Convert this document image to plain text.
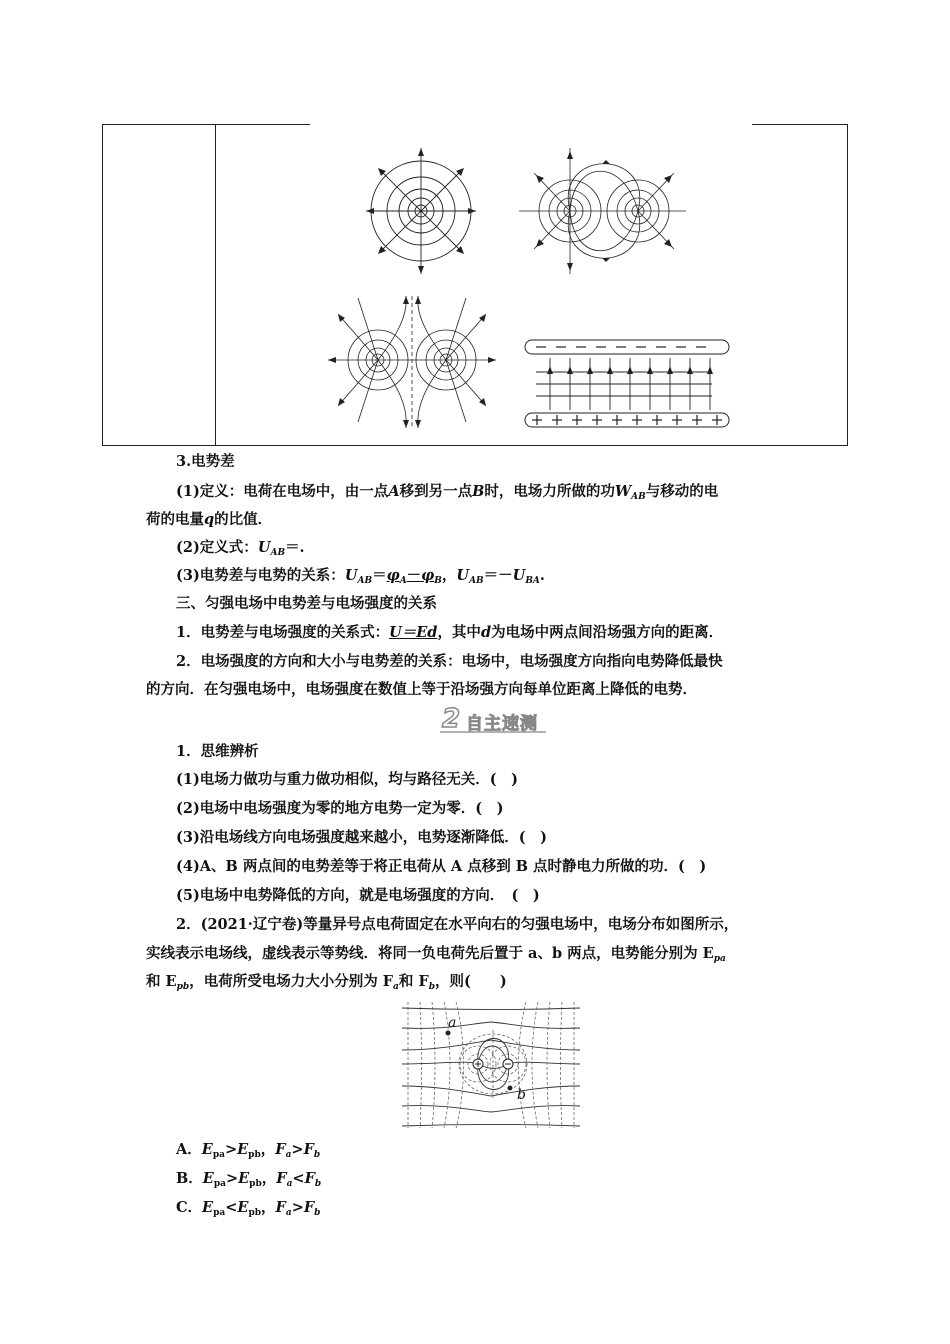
3.电势差
(1)定义：电荷在电场中，由一点A移到另一点B时，电场力所做的功$W_{AB}$与移动的电
荷的电量q的比值．
(2)定义式：$U_{AB}=$.
(3)电势差与电势的关系：$U_{AB}=\varphi_A-\varphi_B$，$U_{AB}=-U_{BA}$.
三、匀强电场中电势差与电场强度的关系
1．电势差与电场强度的关系式：U＝Ed，其中d为电场中两点间沿场强方向的距离．
2．电场强度的方向和大小与电势差的关系：电场中，电场强度方向指向电势降低最快
的方向．在匀强电场中，电场强度在数值上等于沿场强方向每单位距离上降低的电势．
2 自主速测
1．思维辨析
(1)电场力做功与重力做功相似，均与路径无关．(　)
(2)电场中电场强度为零的地方电势一定为零．(　)
(3)沿电场线方向电场强度越来越小，电势逐渐降低．(　)
(4)A、B 两点间的电势差等于将正电荷从 A 点移到 B 点时静电力所做的功．(　)
(5)电场中电势降低的方向，就是电场强度的方向．　(　)
2．(2021·辽宁卷)等量异号点电荷固定在水平向右的匀强电场中，电场分布如图所示，
实线表示电场线，虚线表示等势线．将同一负电荷先后置于 a、b 两点，电势能分别为 $E_{pa}$
和 $E_{pb}$，电荷所受电场力大小分别为 $F_a$和 $F_b$，则(　　)
a
b
A．$E_{pa}>E_{pb}$，$F_a>F_b$
B．$E_{pa}>E_{pb}$，$F_a<F_b$
C．$E_{pa}<E_{pb}$，$F_a>F_b$
